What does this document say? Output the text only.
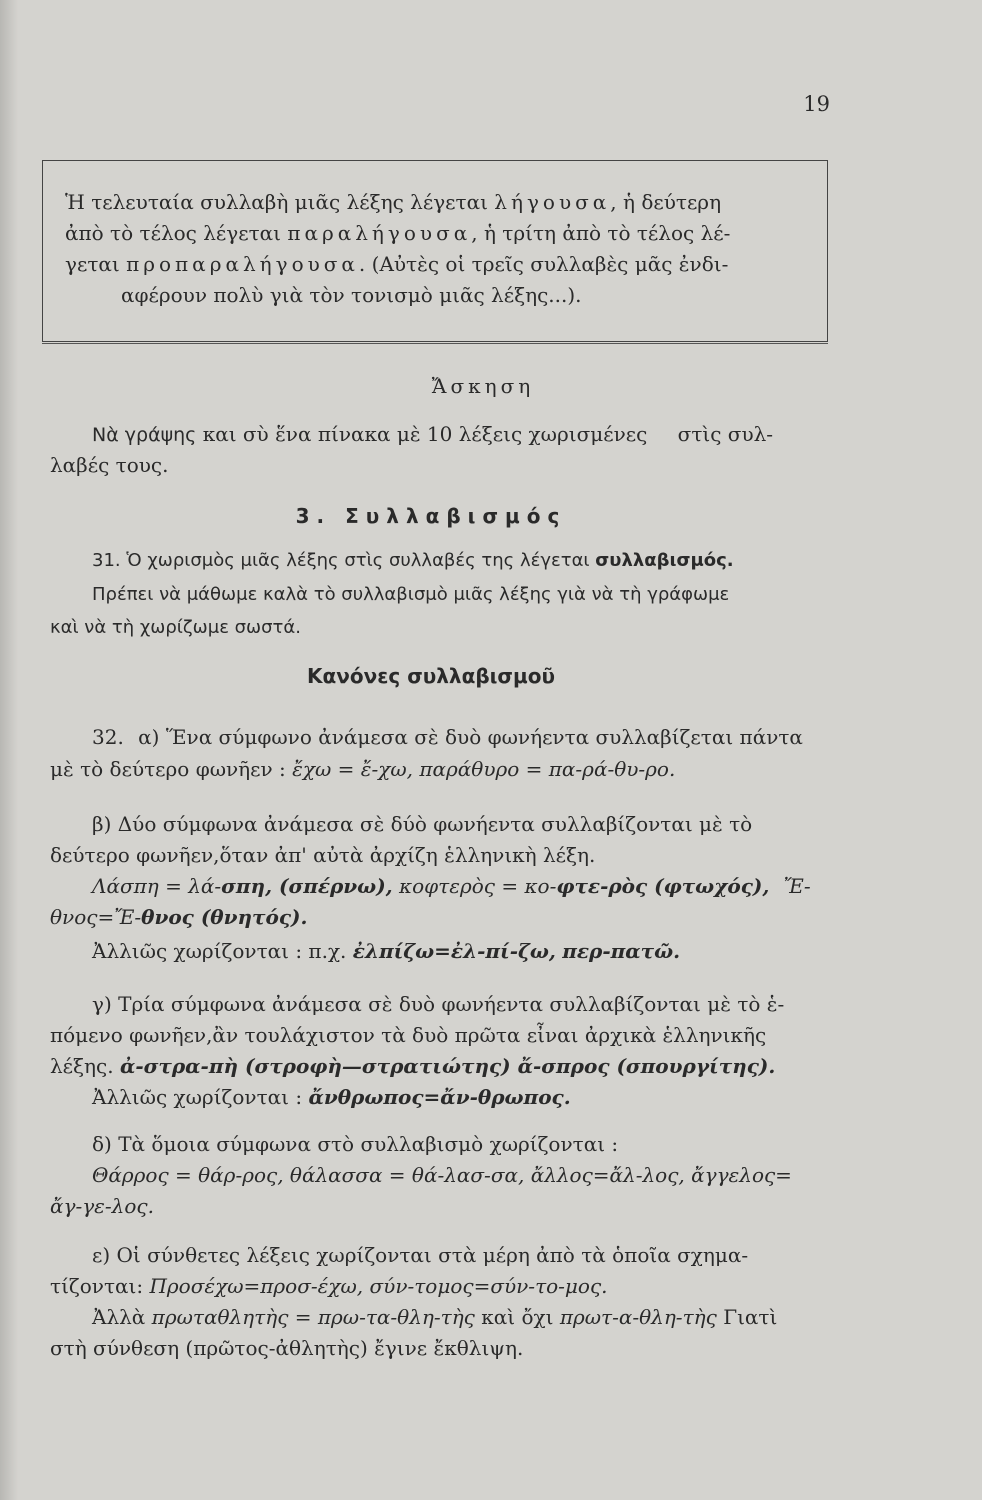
19
Ἡ τελευταία συλλαβὴ μιᾶς λέξης λέγεται λήγουσα, ἡ δεύτερη
ἀπὸ τὸ τέλος λέγεται παραλήγουσα, ἡ τρίτη ἀπὸ τὸ τέλος λέ-
γεται προπαραλήγουσα. (Αὐτὲς οἱ τρεῖς συλλαβὲς μᾶς ἐνδι-
αφέρουν πολὺ γιὰ τὸν τονισμὸ μιᾶς λέξης...).
Ἄσκηση
Νὰ γράψης και σὺ ἕνα πίνακα μὲ 10 λέξεις χωρισμένες στὶς συλ-
λαβές τους.
3. Συλλαβισμός
31. Ὁ χωρισμὸς μιᾶς λέξης στὶς συλλαβές της λέγεται συλλαβισμός.
Πρέπει νὰ μάθωμε καλὰ τὸ συλλαβισμὸ μιᾶς λέξης γιὰ νὰ τὴ γράφωμε
καὶ νὰ τὴ χωρίζωμε σωστά.
Κανόνες συλλαβισμοῦ
32. α) Ἕνα σύμφωνο ἀνάμεσα σὲ δυὸ φωνήεντα συλλαβίζεται πάντα
μὲ τὸ δεύτερο φωνῆεν : ἔχω = ἔ-χω, παράθυρο = πα-ρά-θυ-ρο.
β) Δύο σύμφωνα ἀνάμεσα σὲ δύὸ φωνήεντα συλλαβίζονται μὲ τὸ
δεύτερο φωνῆεν,ὅταν ἀπ' αὐτὰ ἀρχίζη ἑλληνικὴ λέξη.
Λάσπη = λά-σπη, (σπέρνω), κοφτερὸς = κο-φτε-ρὸς (φτωχός), Ἔ-
θνος=Ἔ-θνος (θνητός).
Ἀλλιῶς χωρίζονται : π.χ. ἐλπίζω=ἐλ-πί-ζω, περ-πατῶ.
γ) Τρία σύμφωνα ἀνάμεσα σὲ δυὸ φωνήεντα συλλαβίζονται μὲ τὸ ἑ-
πόμενο φωνῆεν,ἂν τουλάχιστον τὰ δυὸ πρῶτα εἶναι ἀρχικὰ ἑλληνικῆς
λέξης. ἀ-στρα-πὴ (στροφὴ—στρατιώτης) ἄ-σπρος (σπουργίτης).
Ἀλλιῶς χωρίζονται : ἄνθρωπος=ἄν-θρωπος.
δ) Τὰ ὅμοια σύμφωνα στὸ συλλαβισμὸ χωρίζονται :
Θάρρος = θάρ-ρος, θάλασσα = θά-λασ-σα, ἄλλος=ἄλ-λος, ἄγγελος=
ἄγ-γε-λος.
ε) Οἱ σύνθετες λέξεις χωρίζονται στὰ μέρη ἀπὸ τὰ ὁποῖα σχημα-
τίζονται: Προσέχω=προσ-έχω, σύν-τομος=σύν-το-μος.
Ἀλλὰ πρωταθλητὴς = πρω-τα-θλη-τὴς καὶ ὄχι πρωτ-α-θλη-τὴς Γιατὶ
στὴ σύνθεση (πρῶτος-ἀθλητὴς) ἔγινε ἔκθλιψη.
